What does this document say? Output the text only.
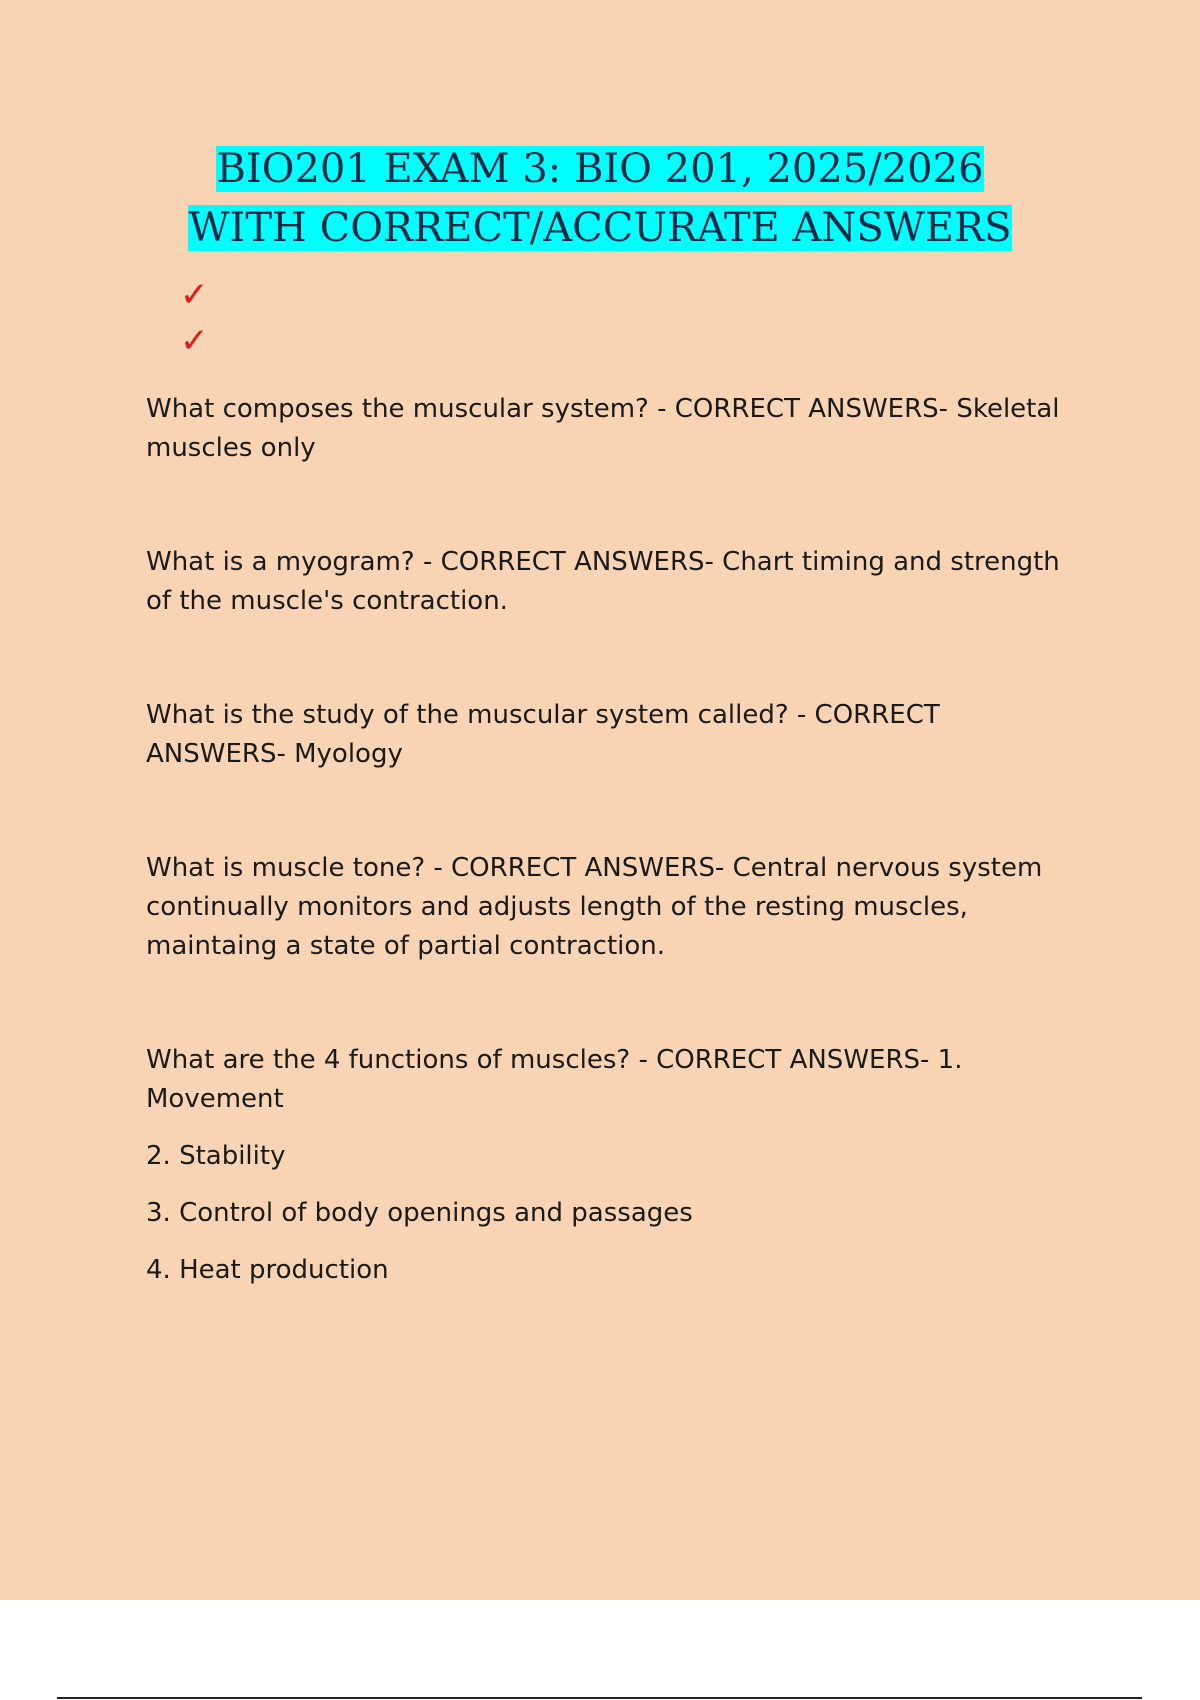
BIO201 EXAM 3: BIO 201, 2025/2026
WITH CORRECT/ACCURATE ANSWERS
✓
✓

What composes the muscular system? - CORRECT ANSWERS- Skeletal muscles only

What is a myogram? - CORRECT ANSWERS- Chart timing and strength of the muscle's contraction.

What is the study of the muscular system called? - CORRECT ANSWERS- Myology

What is muscle tone? - CORRECT ANSWERS- Central nervous system continually monitors and adjusts length of the resting muscles, maintaing a state of partial contraction.

What are the 4 functions of muscles? - CORRECT ANSWERS- 1. Movement

2. Stability

3. Control of body openings and passages

4. Heat production
